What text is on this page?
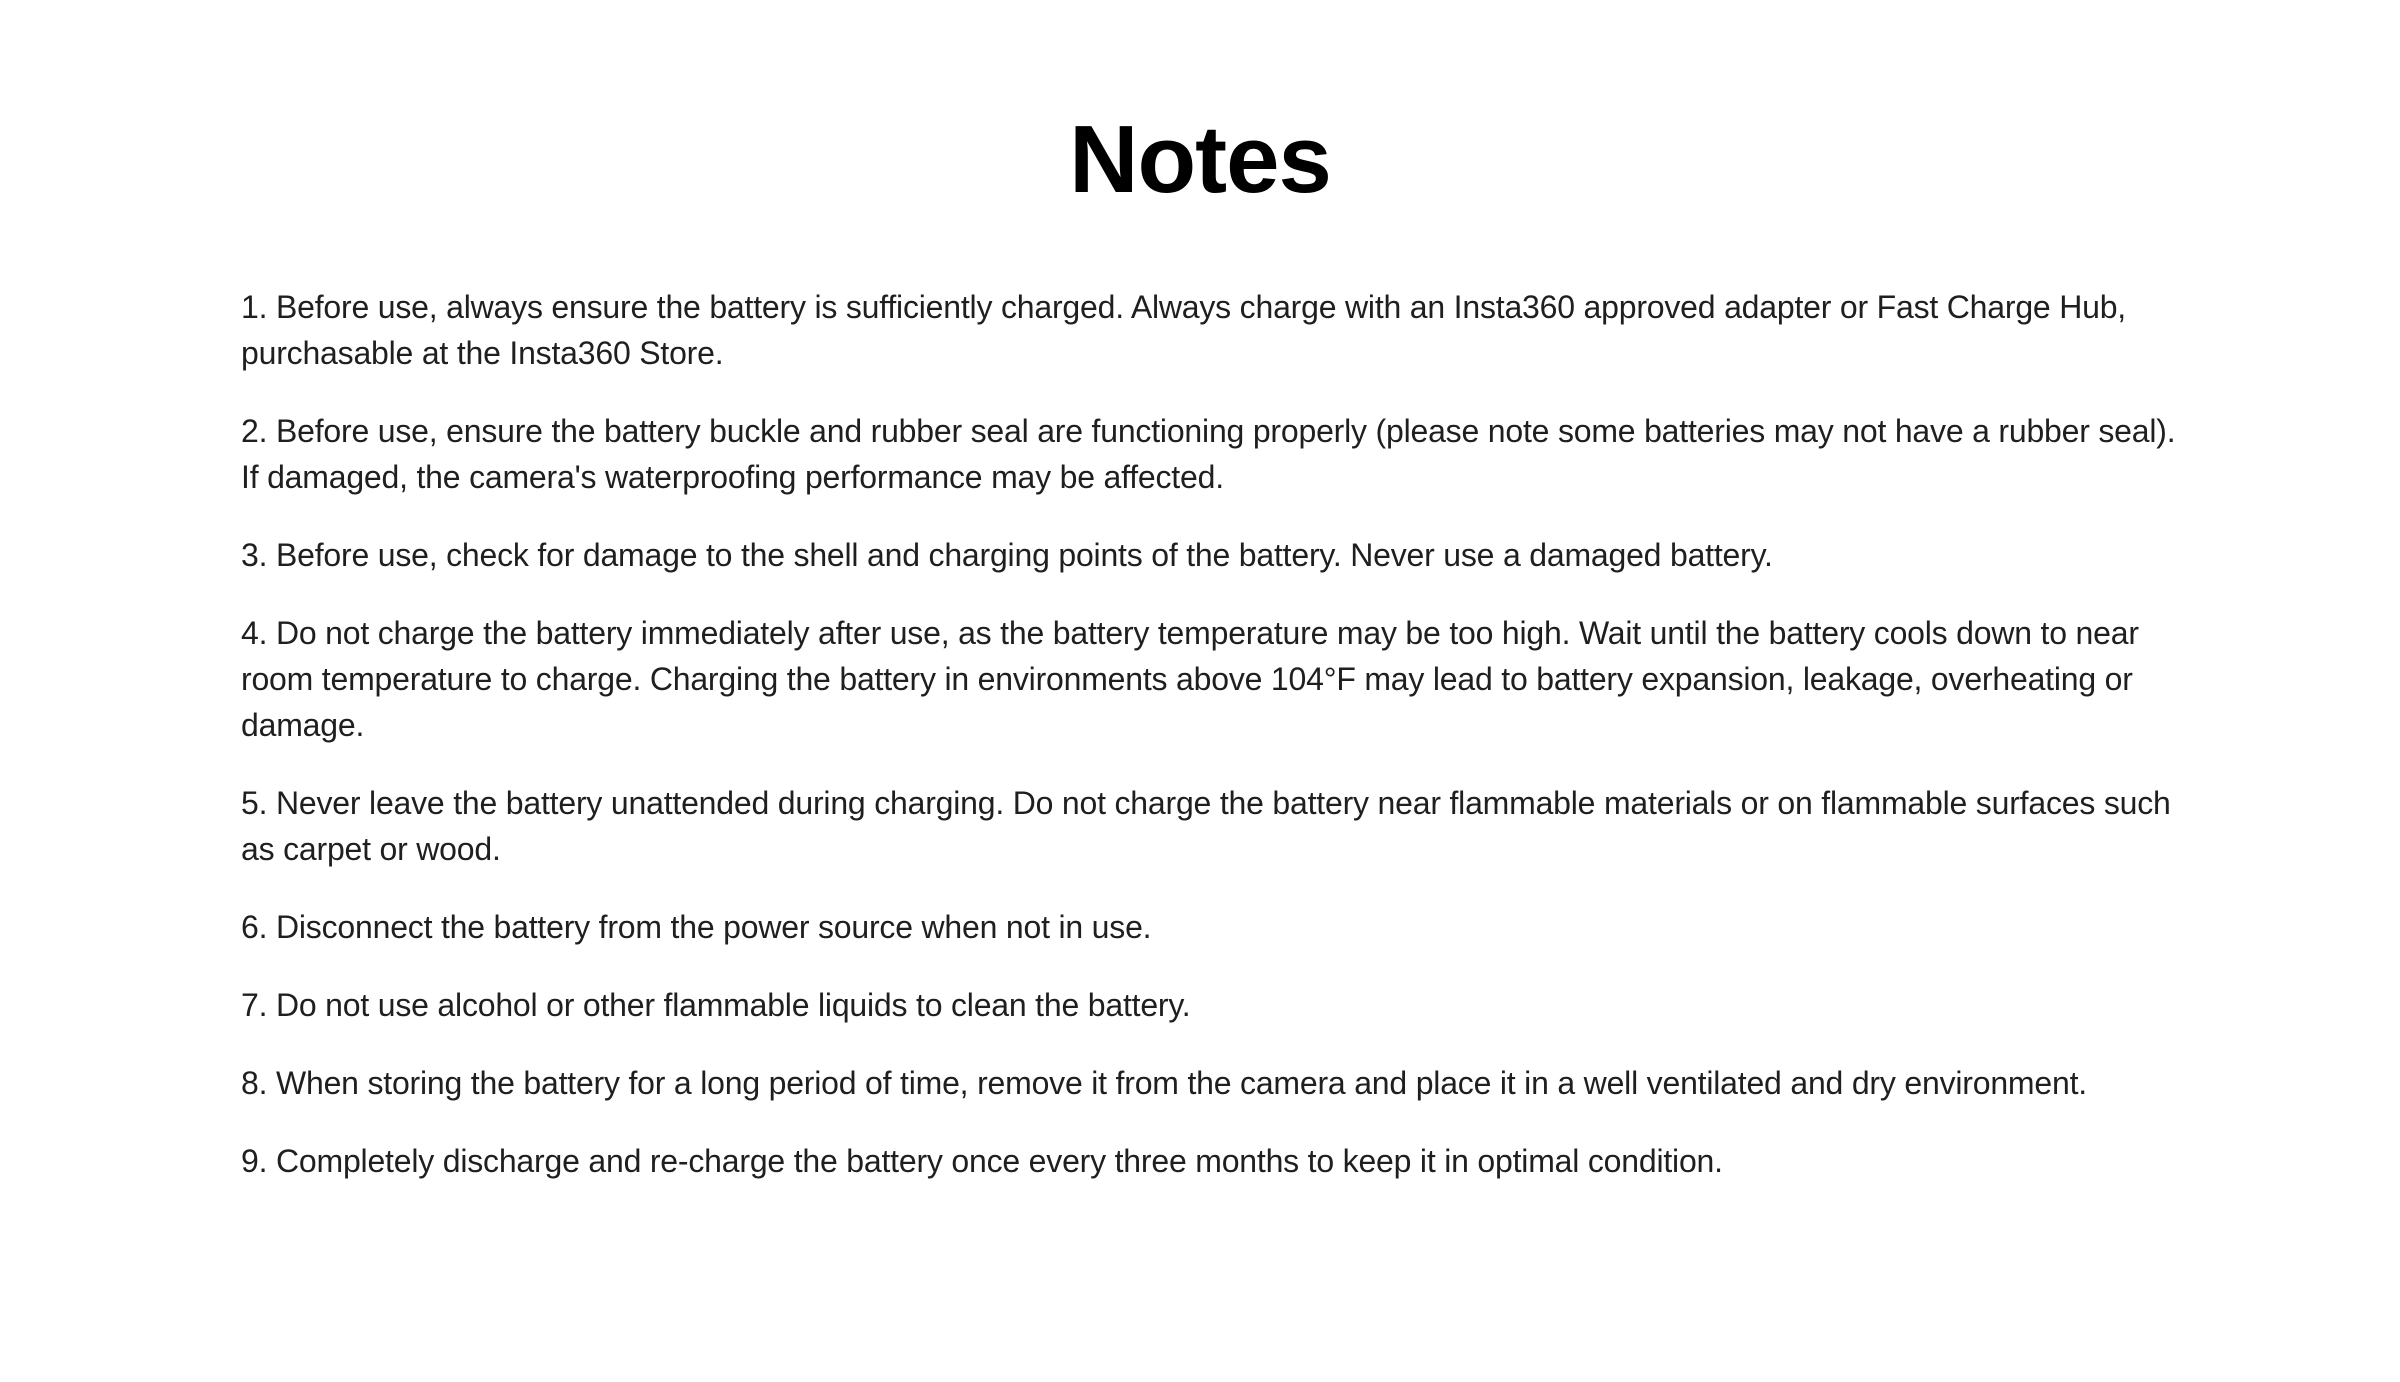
Notes
1. Before use, always ensure the battery is sufficiently charged. Always charge with an Insta360 approved adapter or Fast Charge Hub, purchasable at the Insta360 Store.
2. Before use, ensure the battery buckle and rubber seal are functioning properly (please note some batteries may not have a rubber seal). If damaged, the camera's waterproofing performance may be affected.
3. Before use, check for damage to the shell and charging points of the battery. Never use a damaged battery.
4. Do not charge the battery immediately after use, as the battery temperature may be too high. Wait until the battery cools down to near room temperature to charge. Charging the battery in environments above 104°F may lead to battery expansion, leakage, overheating or damage.
5. Never leave the battery unattended during charging. Do not charge the battery near flammable materials or on flammable surfaces such as carpet or wood.
6. Disconnect the battery from the power source when not in use.
7. Do not use alcohol or other flammable liquids to clean the battery.
8. When storing the battery for a long period of time, remove it from the camera and place it in a well ventilated and dry environment.
9. Completely discharge and re-charge the battery once every three months to keep it in optimal condition.
